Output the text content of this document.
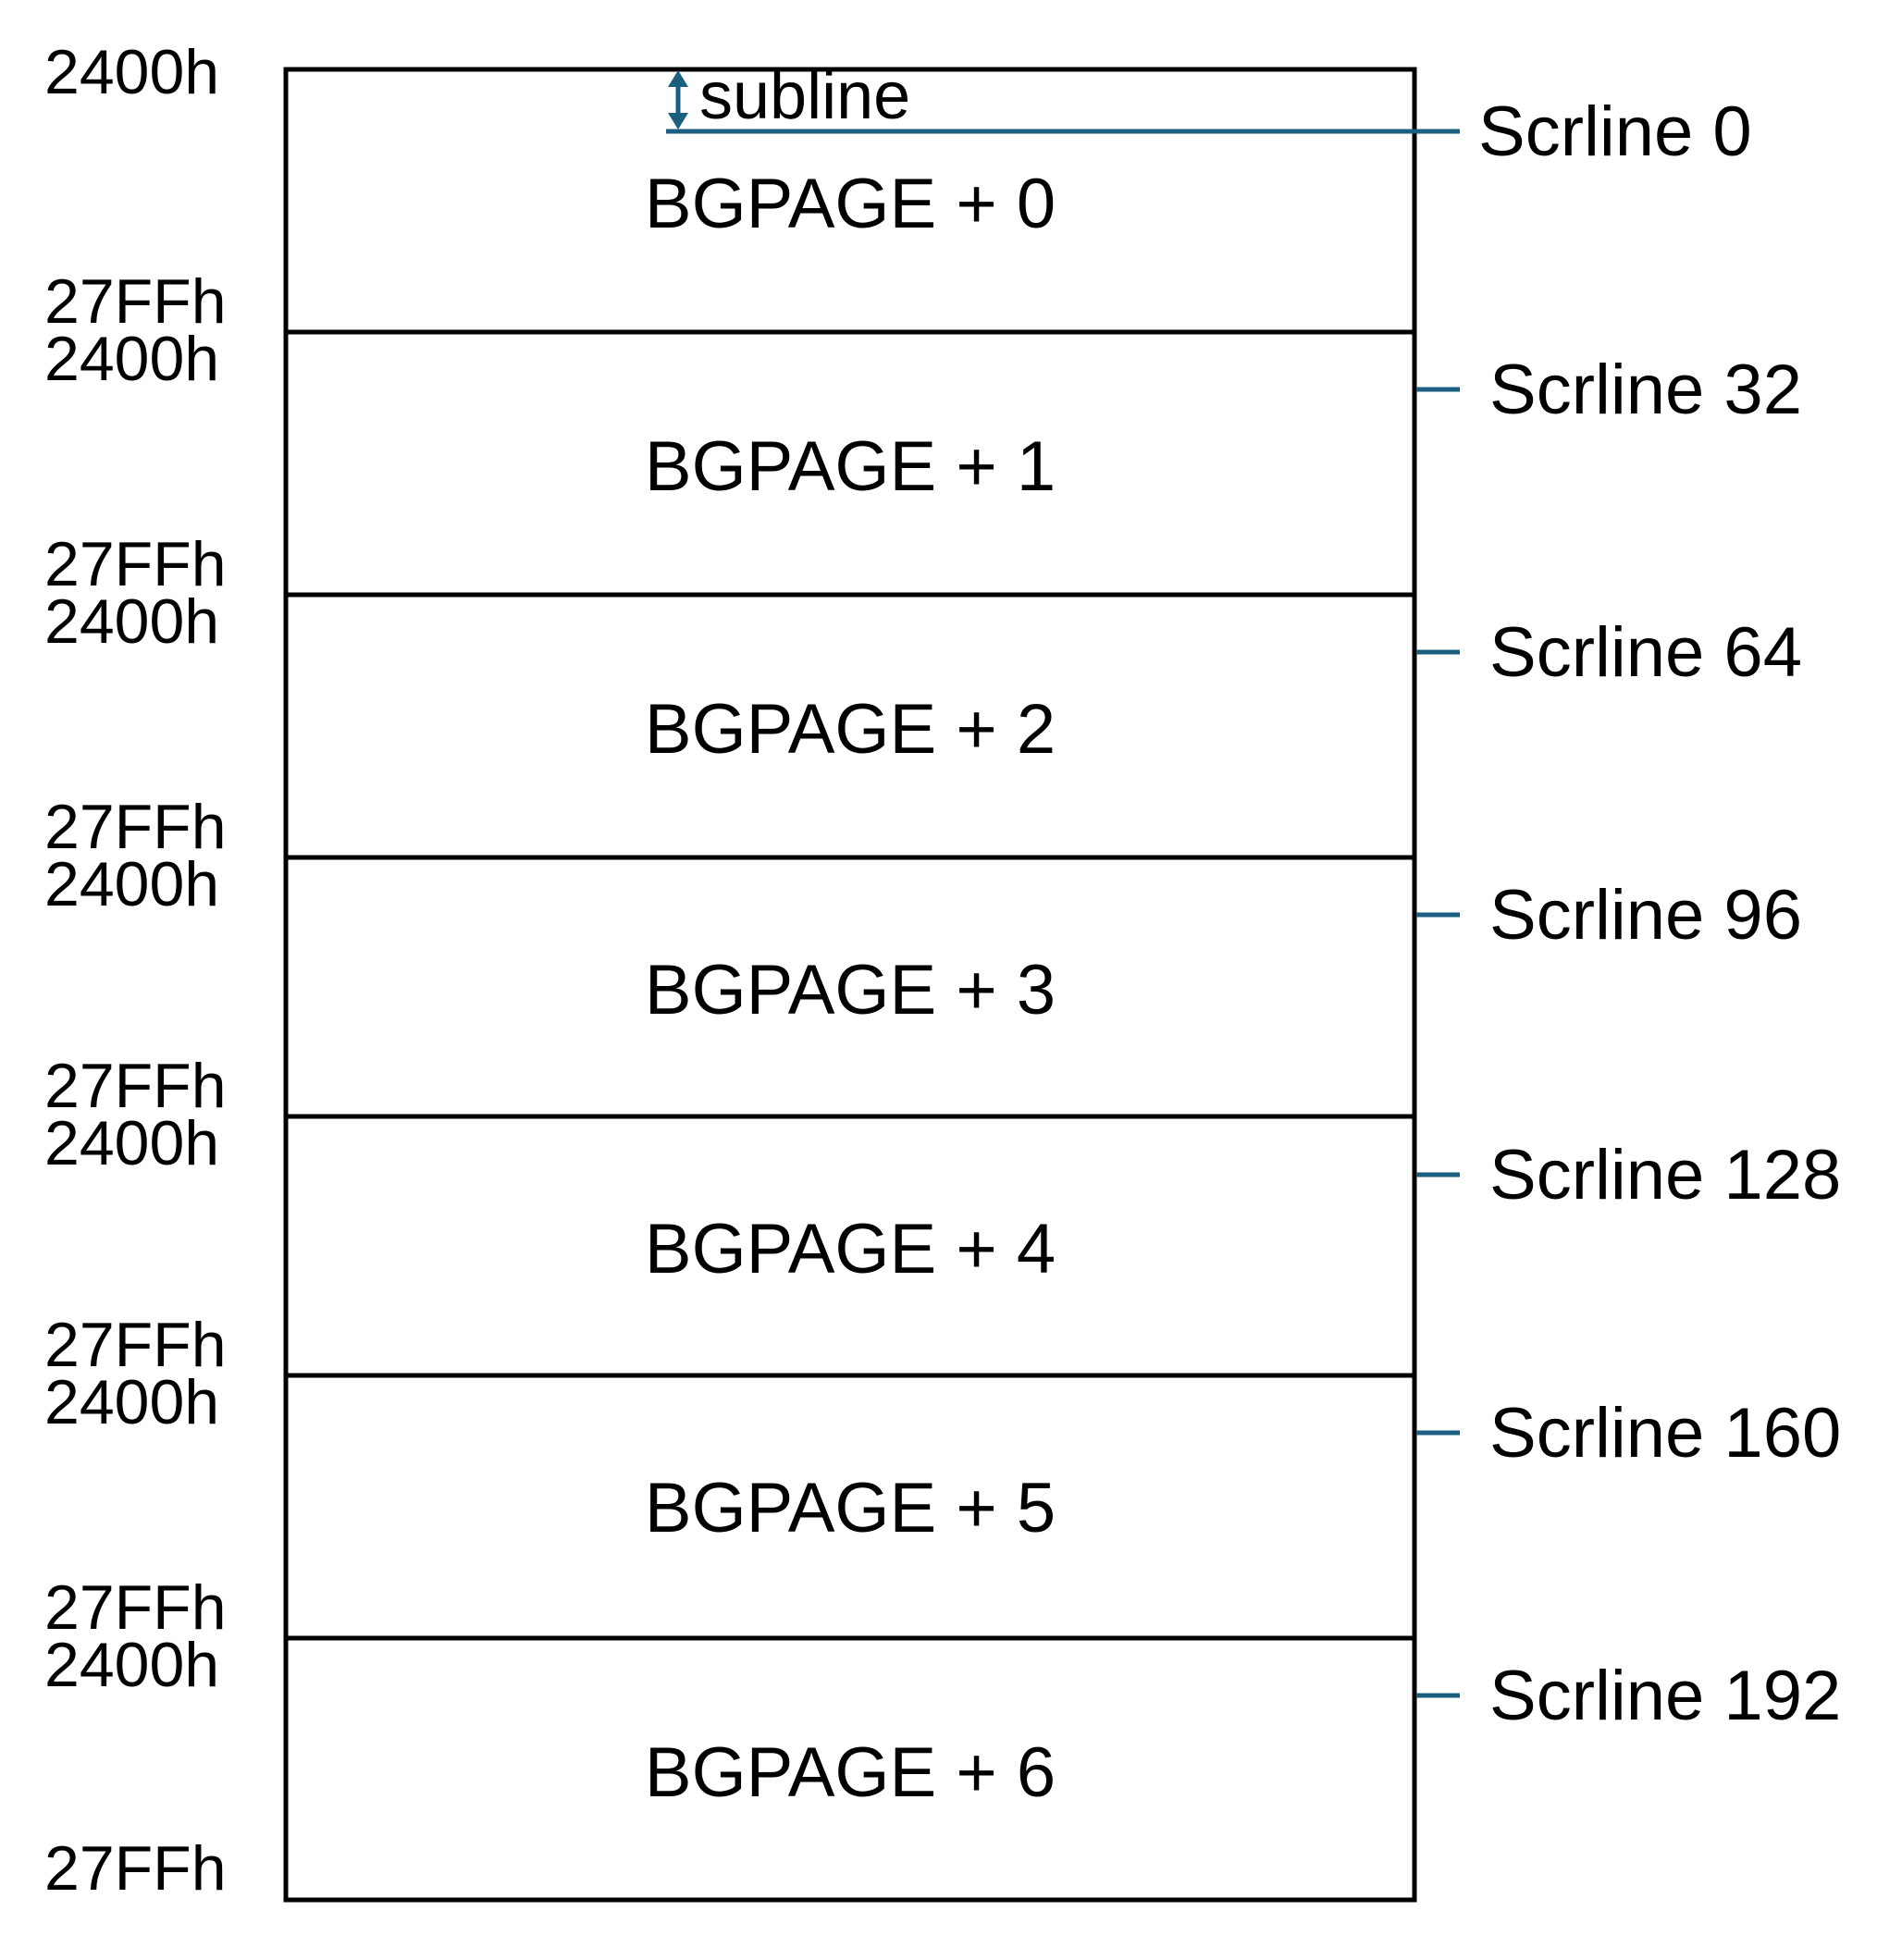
subline
2400h
27FFh
BGPAGE + 0
Scrline 0
2400h
27FFh
BGPAGE + 1
Scrline 32
2400h
27FFh
BGPAGE + 2
Scrline 64
2400h
27FFh
BGPAGE + 3
Scrline 96
2400h
27FFh
BGPAGE + 4
Scrline 128
2400h
27FFh
BGPAGE + 5
Scrline 160
2400h
27FFh
BGPAGE + 6
Scrline 192
